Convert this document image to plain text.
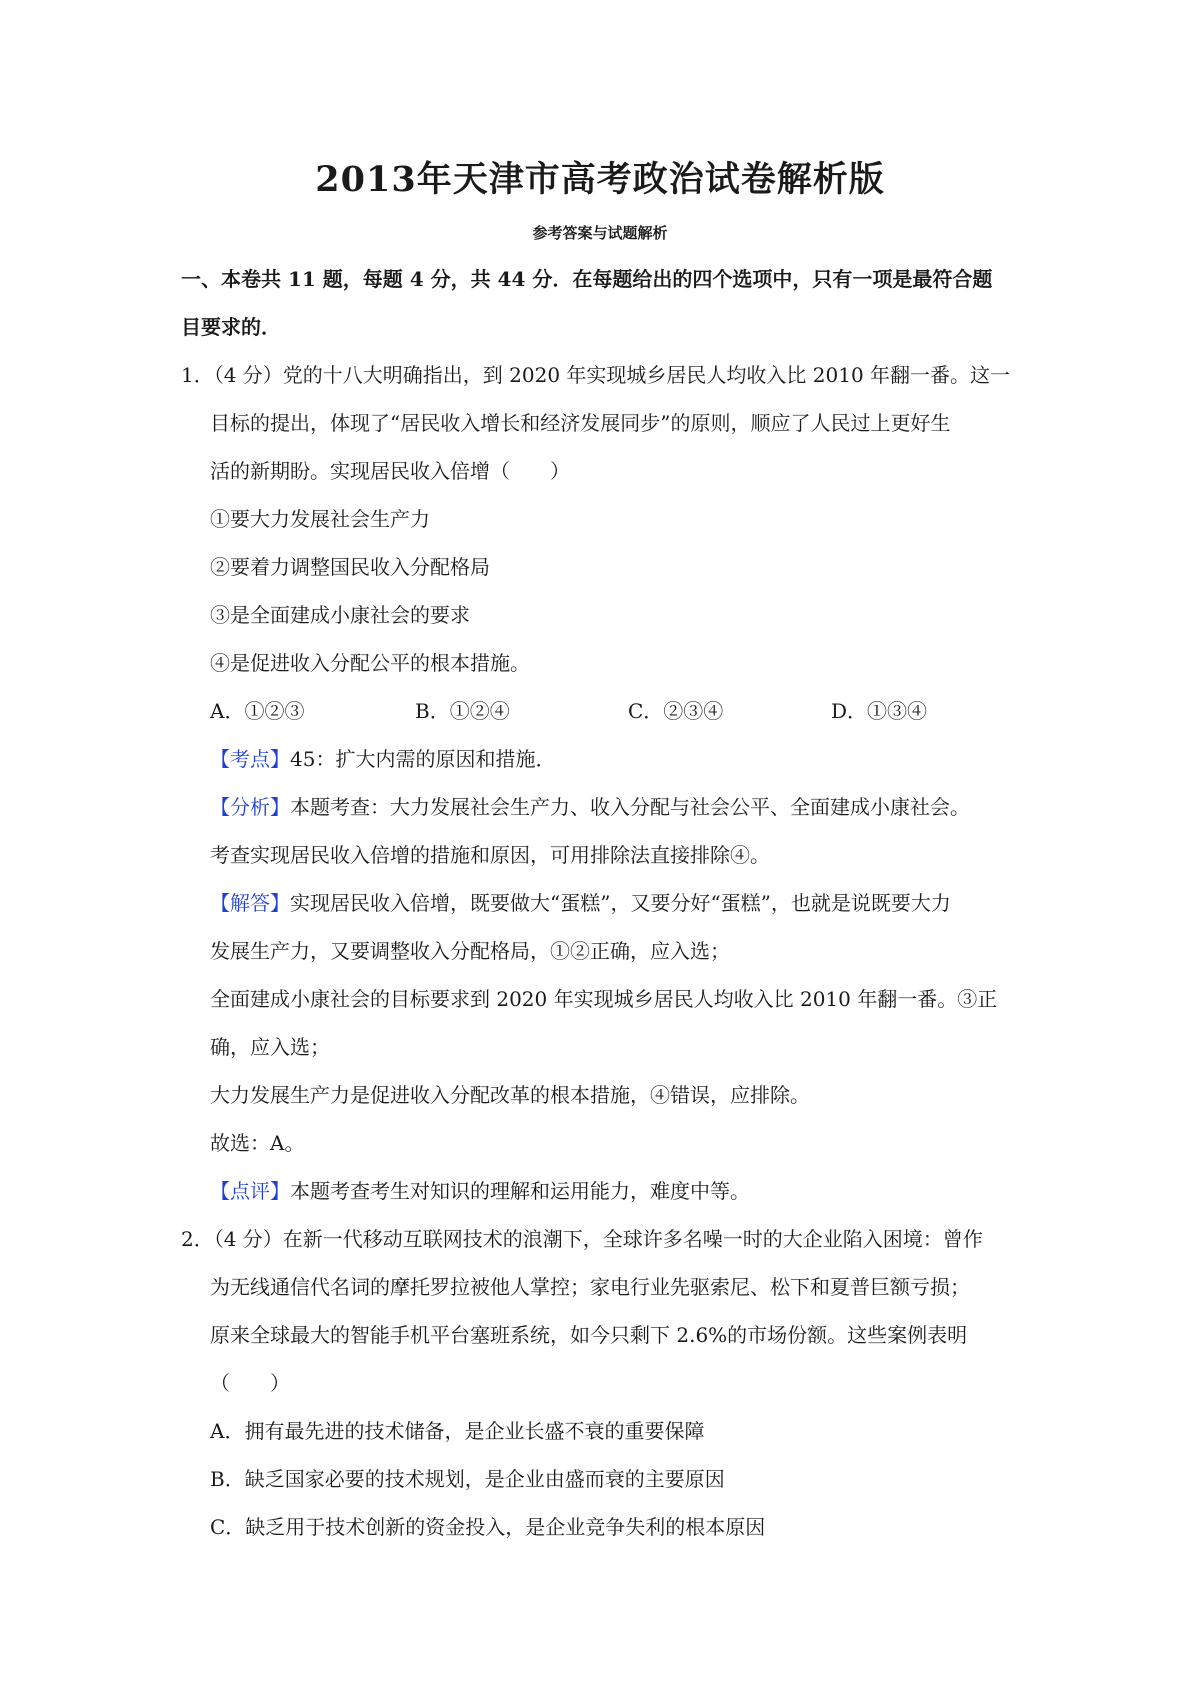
2013年天津市高考政治试卷解析版
参考答案与试题解析
一、本卷共 11 题，每题 4 分，共 44 分．在每题给出的四个选项中，只有一项是最符合题
目要求的．
1．（4 分）党的十八大明确指出，到 2020 年实现城乡居民人均收入比 2010 年翻一番。这一
目标的提出，体现了“居民收入增长和经济发展同步”的原则，顺应了人民过上更好生
活的新期盼。实现居民收入倍增（　　）
①要大力发展社会生产力
②要着力调整国民收入分配格局
③是全面建成小康社会的要求
④是促进收入分配公平的根本措施。
A．①②③	B．①②④	C．②③④	D．①③④
【考点】45：扩大内需的原因和措施．
【分析】本题考查：大力发展社会生产力、收入分配与社会公平、全面建成小康社会。
考查实现居民收入倍增的措施和原因，可用排除法直接排除④。
【解答】实现居民收入倍增，既要做大“蛋糕”，又要分好“蛋糕”，也就是说既要大力
发展生产力，又要调整收入分配格局，①②正确，应入选；
全面建成小康社会的目标要求到 2020 年实现城乡居民人均收入比 2010 年翻一番。③正
确，应入选；
大力发展生产力是促进收入分配改革的根本措施，④错误，应排除。
故选：A。
【点评】本题考查考生对知识的理解和运用能力，难度中等。
2．（4 分）在新一代移动互联网技术的浪潮下，全球许多名噪一时的大企业陷入困境：曾作
为无线通信代名词的摩托罗拉被他人掌控；家电行业先驱索尼、松下和夏普巨额亏损；
原来全球最大的智能手机平台塞班系统，如今只剩下 2.6%的市场份额。这些案例表明
（　　）
A．拥有最先进的技术储备，是企业长盛不衰的重要保障
B．缺乏国家必要的技术规划，是企业由盛而衰的主要原因
C．缺乏用于技术创新的资金投入，是企业竞争失利的根本原因
